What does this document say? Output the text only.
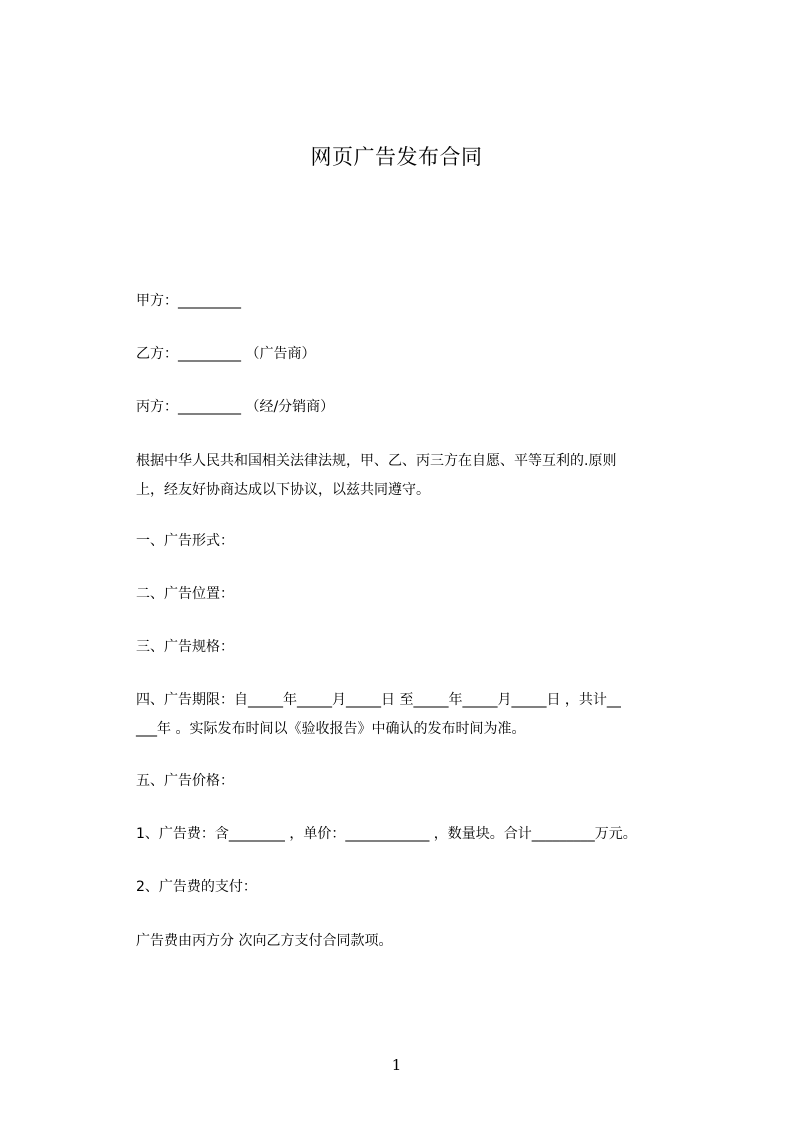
网页广告发布合同
甲方：_________
乙方：_________ （广告商）
丙方：_________ （经/分销商）
根据中华人民共和国相关法律法规，甲、乙、丙三方在自愿、平等互利的.原则
上，经友好协商达成以下协议，以兹共同遵守。
一、广告形式：
二、广告位置：
三、广告规格：
四、广告期限：自_____年_____月_____日 至_____年_____月_____日 ，共计__
___年 。实际发布时间以《验收报告》中确认的发布时间为准。
五、广告价格：
1、广告费：含________ ，单价：____________ ，数量块。合计_________万元。
2、广告费的支付：
广告费由丙方分 次向乙方支付合同款项。
1
